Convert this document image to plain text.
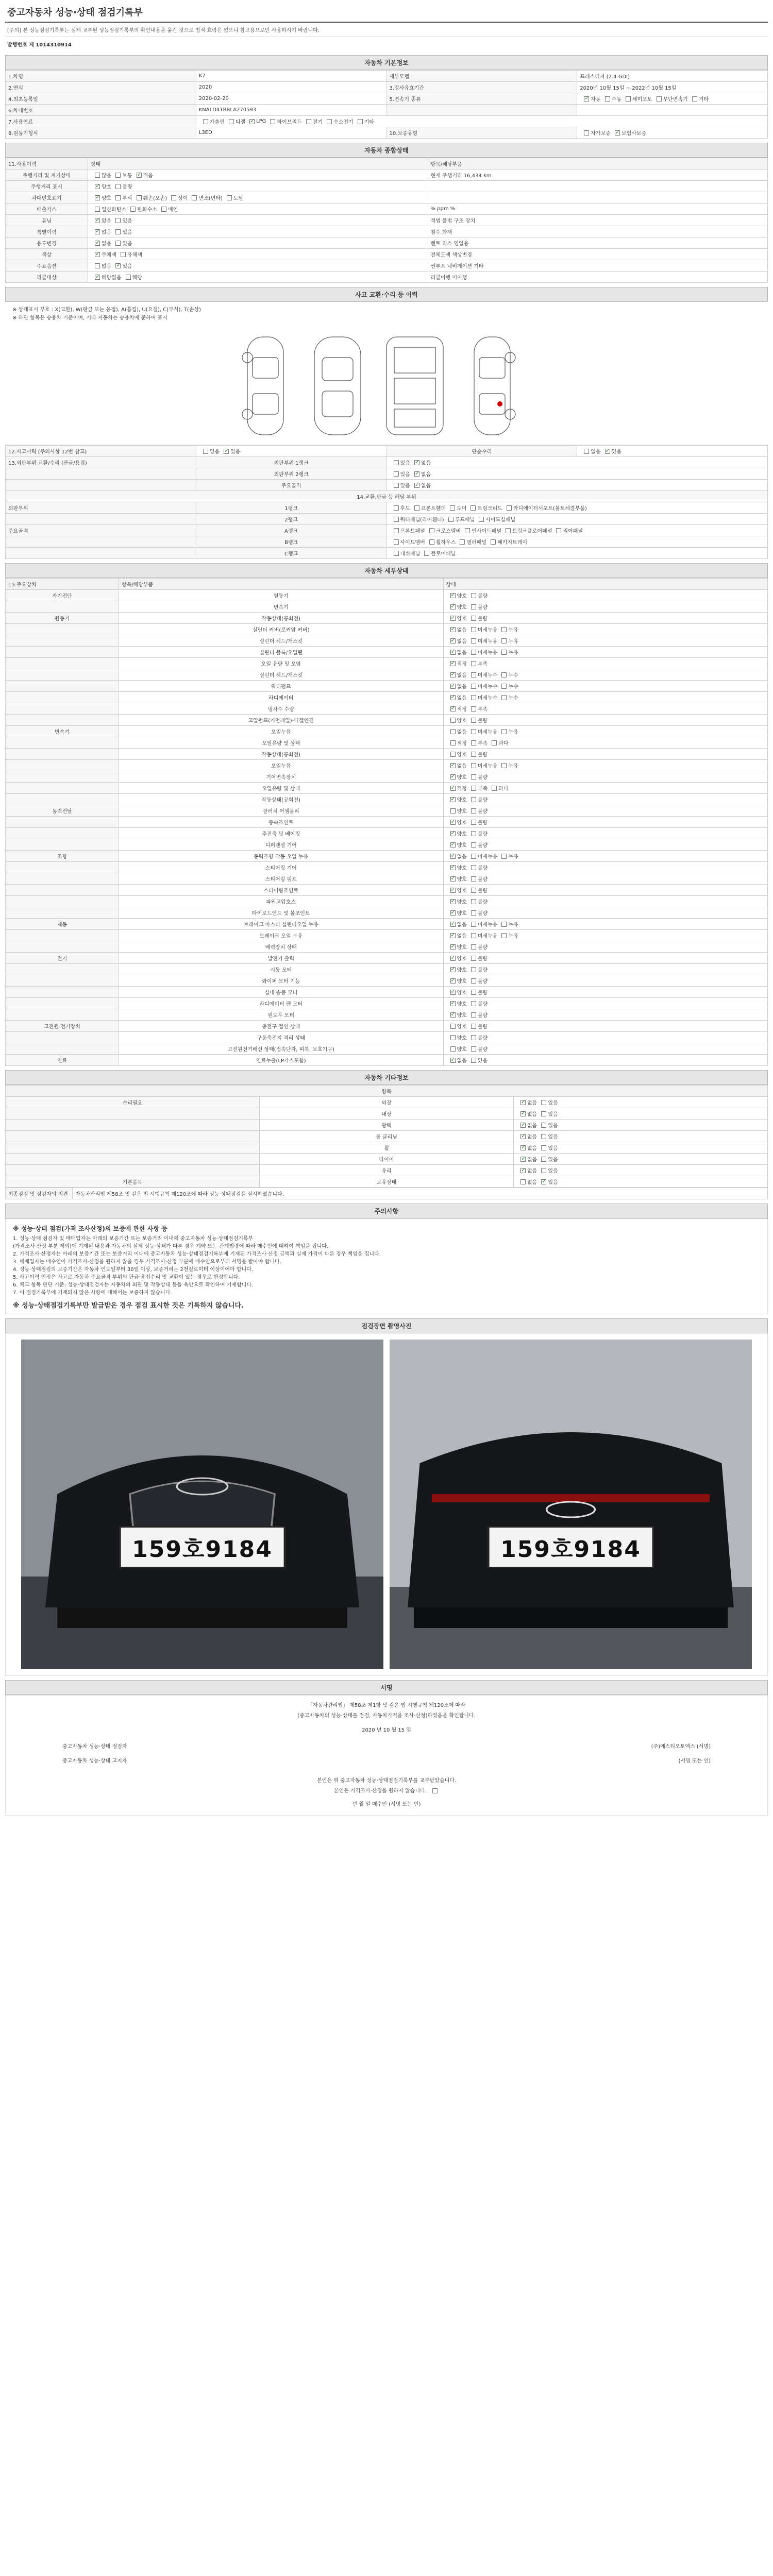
중고자동차 성능·상태 점검기록부
[주의] 본 성능점검기록부는 실제 교부된 성능점검기록부의 확인내용을 옮긴 것으로 법적 효력은 없으니 참고용으로만 사용하시기 바랍니다.
발행번호 제 1014310914
자동차 기본정보
1.차명	K7	세부모델	프레스티지 (2.4 GDI)
2.연식	2020	3.검사유효기간	2020년 10월 15일 ~ 2022년 10월 15일
4.최초등록일	2020-02-20	5.변속기 종류	✓자동 수동 세미오토 무단변속기 기타
6.차대번호	KNALD41BBLA270593		
7.사용연료	가솔린 디젤 ✓ LPG 하이브리드 전기 수소전기 기타
8.원동기형식	L3ED	10.보증유형	자가보증 ✓ 보험사보증
자동차 종합상태
11.사용이력	상태	항목/해당부품
주행거리 및 계기상태	많음 보통 ✓ 적음	현재 주행거리 16,434 km
주행거리 표시	✓양호 불량	
차대번호표기	✓양호 부식 훼손(오손) 상이 변조(변타) 도말	
배출가스	일산화탄소 탄화수소 매연	% ppm %
튜닝	✓없음 있음	적법 불법 구조 장치
특별이력	✓없음 있음	침수 화재
용도변경	✓없음 있음	렌트 리스 영업용
색상	✓무채색 유채색	전체도색 색상변경
주요옵션	없음 ✓ 있음	썬루프 네비게이션 기타
리콜대상	✓해당없음 해당	리콜이행 미이행
사고 교환·수리 등 이력
※ 상태표시 부호 : X(교환), W(판금 또는 용접), A(흠집), U(요철), C(부식), T(손상)
※ 하단 항목은 승용차 기준이며, 기타 자동차는 승용차에 준하여 표시
12.사고이력 (주의사항 12번 참고)	없음 ✓ 있음	단순수리	없음 ✓ 있음
13.외판부위 교환/수리 (판금/용접)	외판부위 1랭크	있음 ✓ 없음
	외판부위 2랭크	있음 ✓ 없음
	주요골격	있음 ✓ 없음
14.교환,판금 등 해당 부위			
외판부위	1랭크	후드 프론트휀더 도어 트렁크리드 라디에이터서포트(볼트체결부품)	
	2랭크	쿼터패널(리어휀더) 루프패널 사이드실패널	
주요골격	A랭크	프론트패널 크로스멤버 인사이드패널 트렁크플로어패널 리어패널	
	B랭크	사이드멤버 휠하우스 필러패널 패키지트레이	
	C랭크	대쉬패널 플로어패널	
자동차 세부상태
15.주요장치	항목/해당부품	상태
자기진단	원동기	✓양호 불량
	변속기	✓양호 불량
원동기	작동상태(공회전)	✓양호 불량
	실린더 커버(로커암 커버)	✓없음 미세누유 누유
	실린더 헤드/개스킷	✓없음 미세누유 누유
	실린더 블록/오일팬	✓없음 미세누유 누유
	오일 유량 및 오염	✓적정 부족
	실린더 헤드/개스킷	✓없음 미세누수 누수
	워터펌프	✓없음 미세누수 누수
	라디에이터	✓없음 미세누수 누수
	냉각수 수량	✓적정 부족
	고압펌프(커먼레일)-디젤엔진	양호 불량
변속기	오일누유	없음 미세누유 누유
	오일유량 및 상태	적정 부족 과다
	작동상태(공회전)	양호 불량
	오일누유	✓없음 미세누유 누유
	기어변속장치	✓양호 불량
	오일유량 및 상태	✓적정 부족 과다
	작동상태(공회전)	✓양호 불량
동력전달	클러치 어셈블리	양호 불량
	등속조인트	✓양호 불량
	추진축 및 베어링	✓양호 불량
	디퍼렌셜 기어	✓양호 불량
조향	동력조향 작동 오일 누유	✓없음 미세누유 누유
	스티어링 기어	✓양호 불량
	스티어링 펌프	✓양호 불량
	스티어링조인트	✓양호 불량
	파워고압호스	✓양호 불량
	타이로드엔드 및 볼조인트	✓양호 불량
제동	브레이크 마스터 실린더오일 누유	✓없음 미세누유 누유
	브레이크 오일 누유	✓없음 미세누유 누유
	배력장치 상태	✓양호 불량
전기	발전기 출력	✓양호 불량
	시동 모터	✓양호 불량
	와이퍼 모터 기능	✓양호 불량
	실내 송풍 모터	✓양호 불량
	라디에이터 팬 모터	✓양호 불량
	윈도우 모터	✓양호 불량
고전원 전기장치	충전구 절연 상태	양호 불량
	구동축전지 격리 상태	양호 불량
	고전원전기배선 상태(접속단자, 피복, 보호기구)	양호 불량
연료	연료누출(LP가스포함)	✓없음 있음
자동차 기타정보
항목		
수리필요	외장	✓없음 있음
	내장	✓없음 있음
	광택	✓없음 있음
	룸 클리닝	✓없음 있음
	휠	✓없음 있음
	타이어	✓없음 있음
	유리	✓없음 있음
기본품목	보유상태	없음 ✓ 있음
최종점검 및 점검자의 의견	자동차관리법 제58조 및 같은 법 시행규칙 제120조에 따라 성능·상태점검을 실시하였습니다.
주의사항
※ 성능·상태 점검(가격 조사산정)의 보증에 관한 사항 등
1. 성능·상태 점검자 및 매매업자는 아래의 보증기간 또는 보증거리 이내에 중고자동차 성능·상태점검기록부
(가격조사·산정 부분 제외)에 기재된 내용과 자동차의 실제 성능·상태가 다른 경우 계약 또는 관계법령에 따라 매수인에 대하여 책임을 집니다.
2. 가격조사·산정자는 아래의 보증기간 또는 보증거리 이내에 중고자동차 성능·상태점검기록부에 기재된 가격조사·산정 금액과 실제 가격이 다른 경우 책임을 집니다.
3. 매매업자는 매수인이 가격조사·산정을 원하지 않을 경우 가격조사·산정 부분에 매수인으로부터 서명을 받아야 합니다.
4. 성능·상태점검의 보증기간은 자동차 인도일부터 30일 이상, 보증거리는 2천킬로미터 이상이어야 합니다.
5. 사고이력 인정은 사고로 자동차 주요골격 부위의 판금·용접수리 및 교환이 있는 경우로 한정합니다.
6. 체크 항목 판단 기준: 성능·상태점검자는 자동차의 외관 및 작동상태 등을 육안으로 확인하여 기재합니다.
7. 이 점검기록부에 기재되지 않은 사항에 대해서는 보증하지 않습니다.
※ 성능·상태점검기록부만 발급받은 경우 점검 표시한 것은 기록하지 않습니다.
점검장면 촬영사진
159호9184	159호9184
서명
「자동차관리법」 제58조 제1항 및 같은 법 시행규칙 제120조에 따라
(중고자동차의 성능·상태를 점검, 자동차가격을 조사·산정)하였음을 확인합니다.
2020 년 10 월 15 일
중고자동차 성능·상태 점검자	(주)에스티오토엑스 (서명)
중고자동차 성능·상태 고지자	(서명 또는 인)
본인은 위 중고자동차 성능·상태점검기록부를 교부받았습니다.
본인은 가격조사·산정을 원하지 않습니다.
년 월 일 매수인 (서명 또는 인)
